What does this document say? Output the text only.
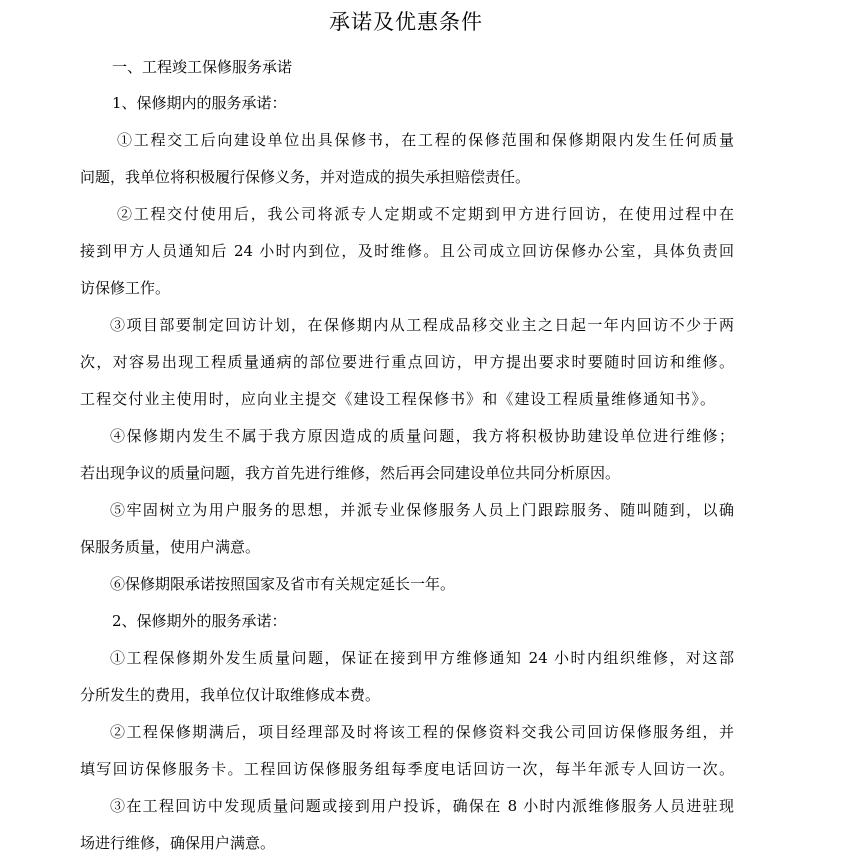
承诺及优惠条件
一、工程竣工保修服务承诺
1、保修期内的服务承诺：
①工程交工后向建设单位出具保修书，在工程的保修范围和保修期限内发生任何质量
问题，我单位将积极履行保修义务，并对造成的损失承担赔偿责任。
②工程交付使用后，我公司将派专人定期或不定期到甲方进行回访，在使用过程中在
接到甲方人员通知后 24 小时内到位，及时维修。且公司成立回访保修办公室，具体负责回
访保修工作。
③项目部要制定回访计划，在保修期内从工程成品移交业主之日起一年内回访不少于两
次，对容易出现工程质量通病的部位要进行重点回访，甲方提出要求时要随时回访和维修。
工程交付业主使用时，应向业主提交《建设工程保修书》和《建设工程质量维修通知书》。
④保修期内发生不属于我方原因造成的质量问题，我方将积极协助建设单位进行维修；
若出现争议的质量问题，我方首先进行维修，然后再会同建设单位共同分析原因。
⑤牢固树立为用户服务的思想，并派专业保修服务人员上门跟踪服务、随叫随到，以确
保服务质量，使用户满意。
⑥保修期限承诺按照国家及省市有关规定延长一年。
2、保修期外的服务承诺：
①工程保修期外发生质量问题，保证在接到甲方维修通知 24 小时内组织维修，对这部
分所发生的费用，我单位仅计取维修成本费。
②工程保修期满后，项目经理部及时将该工程的保修资料交我公司回访保修服务组，并
填写回访保修服务卡。工程回访保修服务组每季度电话回访一次，每半年派专人回访一次。
③在工程回访中发现质量问题或接到用户投诉，确保在 8 小时内派维修服务人员进驻现
场进行维修，确保用户满意。
